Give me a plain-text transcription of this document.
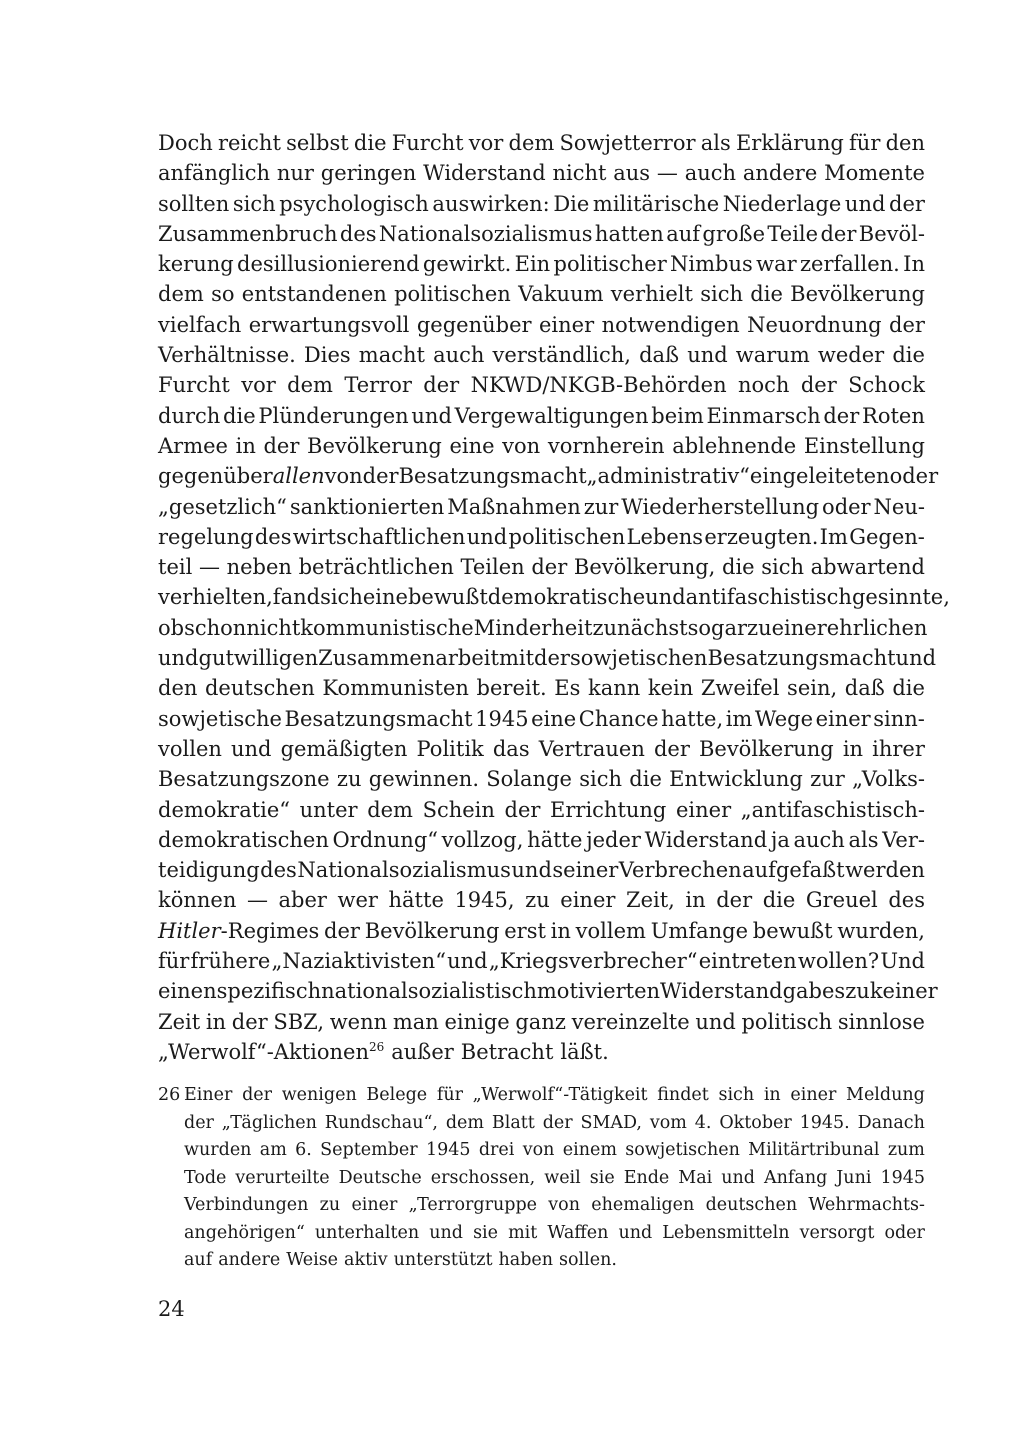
Doch reicht selbst die Furcht vor dem Sowjetterror als Erklärung für den
anfänglich nur geringen Widerstand nicht aus — auch andere Momente
sollten sich psychologisch auswirken: Die militärische Niederlage und der
Zusammenbruch des Nationalsozialismus hatten auf große Teile der Bevöl-
kerung desillusionierend gewirkt. Ein politischer Nimbus war zerfallen. In
dem so entstandenen politischen Vakuum verhielt sich die Bevölkerung
vielfach erwartungsvoll gegenüber einer notwendigen Neuordnung der
Verhältnisse. Dies macht auch verständlich, daß und warum weder die
Furcht vor dem Terror der NKWD/NKGB-Behörden noch der Schock
durch die Plünderungen und Vergewaltigungen beim Einmarsch der Roten
Armee in der Bevölkerung eine von vornherein ablehnende Einstellung
gegenüber allen von der Besatzungsmacht „administrativ“ eingeleiteten oder
„gesetzlich“ sanktionierten Maßnahmen zur Wiederherstellung oder Neu-
regelung des wirtschaftlichen und politischen Lebens erzeugten. Im Gegen-
teil — neben beträchtlichen Teilen der Bevölkerung, die sich abwartend
verhielten, fand sich eine bewußt demokratische und antifaschistisch gesinnte,
obschon nicht kommunistische Minderheit zunächst sogar zu einer ehrlichen
und gutwilligen Zusammenarbeit mit der sowjetischen Besatzungsmacht und
den deutschen Kommunisten bereit. Es kann kein Zweifel sein, daß die
sowjetische Besatzungsmacht 1945 eine Chance hatte, im Wege einer sinn-
vollen und gemäßigten Politik das Vertrauen der Bevölkerung in ihrer
Besatzungszone zu gewinnen. Solange sich die Entwicklung zur „Volks-
demokratie“ unter dem Schein der Errichtung einer „antifaschistisch-
demokratischen Ordnung“ vollzog, hätte jeder Widerstand ja auch als Ver-
teidigung des Nationalsozialismus und seiner Verbrechen aufgefaßt werden
können — aber wer hätte 1945, zu einer Zeit, in der die Greuel des
Hitler-Regimes der Bevölkerung erst in vollem Umfange bewußt wurden,
für frühere „Naziaktivisten“ und „Kriegsverbrecher“ eintreten wollen? Und
einen spezifisch nationalsozialistisch motivierten Widerstand gab es zu keiner
Zeit in der SBZ, wenn man einige ganz vereinzelte und politisch sinnlose
„Werwolf“-Aktionen$^{26}$ außer Betracht läßt.
26 Einer der wenigen Belege für „Werwolf“-Tätigkeit findet sich in einer Meldung
der „Täglichen Rundschau“, dem Blatt der SMAD, vom 4. Oktober 1945. Danach
wurden am 6. September 1945 drei von einem sowjetischen Militärtribunal zum
Tode verurteilte Deutsche erschossen, weil sie Ende Mai und Anfang Juni 1945
Verbindungen zu einer „Terrorgruppe von ehemaligen deutschen Wehrmachts-
angehörigen“ unterhalten und sie mit Waffen und Lebensmitteln versorgt oder
auf andere Weise aktiv unterstützt haben sollen.
24
